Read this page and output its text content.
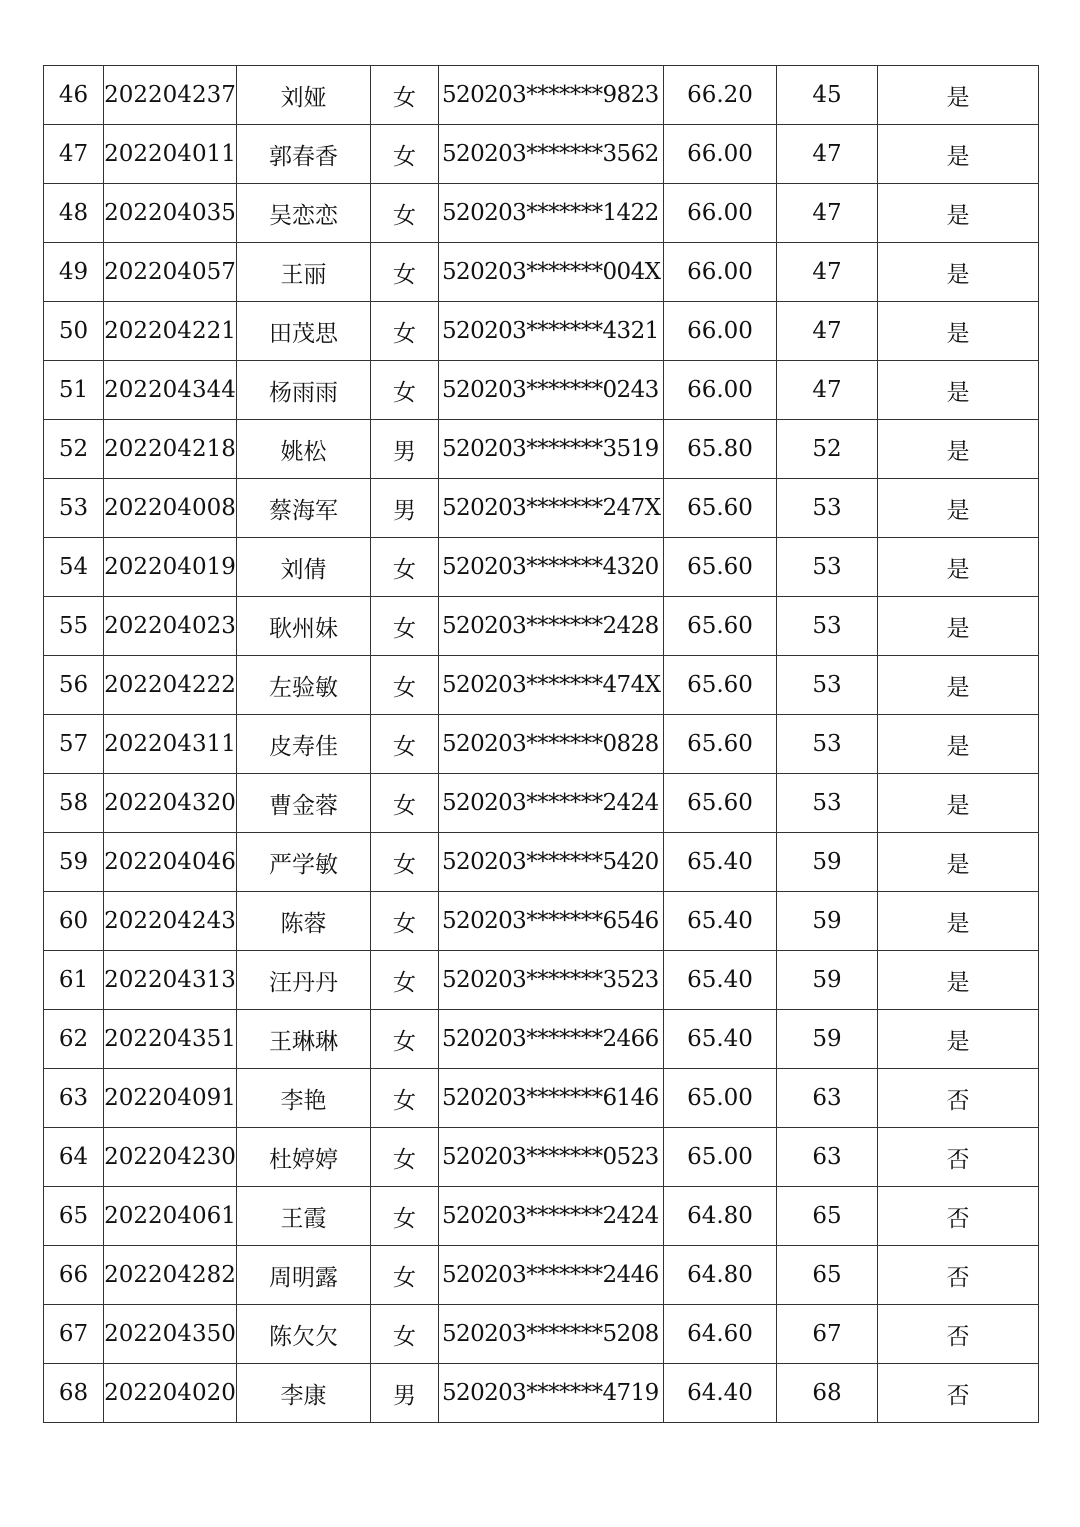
46	202204237	刘娅	女	520203*******9823	66.20	45	是
47	202204011	郭春香	女	520203*******3562	66.00	47	是
48	202204035	吴恋恋	女	520203*******1422	66.00	47	是
49	202204057	王丽	女	520203*******004X	66.00	47	是
50	202204221	田茂思	女	520203*******4321	66.00	47	是
51	202204344	杨雨雨	女	520203*******0243	66.00	47	是
52	202204218	姚松	男	520203*******3519	65.80	52	是
53	202204008	蔡海军	男	520203*******247X	65.60	53	是
54	202204019	刘倩	女	520203*******4320	65.60	53	是
55	202204023	耿州妹	女	520203*******2428	65.60	53	是
56	202204222	左验敏	女	520203*******474X	65.60	53	是
57	202204311	皮寿佳	女	520203*******0828	65.60	53	是
58	202204320	曹金蓉	女	520203*******2424	65.60	53	是
59	202204046	严学敏	女	520203*******5420	65.40	59	是
60	202204243	陈蓉	女	520203*******6546	65.40	59	是
61	202204313	汪丹丹	女	520203*******3523	65.40	59	是
62	202204351	王琳琳	女	520203*******2466	65.40	59	是
63	202204091	李艳	女	520203*******6146	65.00	63	否
64	202204230	杜婷婷	女	520203*******0523	65.00	63	否
65	202204061	王霞	女	520203*******2424	64.80	65	否
66	202204282	周明露	女	520203*******2446	64.80	65	否
67	202204350	陈欠欠	女	520203*******5208	64.60	67	否
68	202204020	李康	男	520203*******4719	64.40	68	否
